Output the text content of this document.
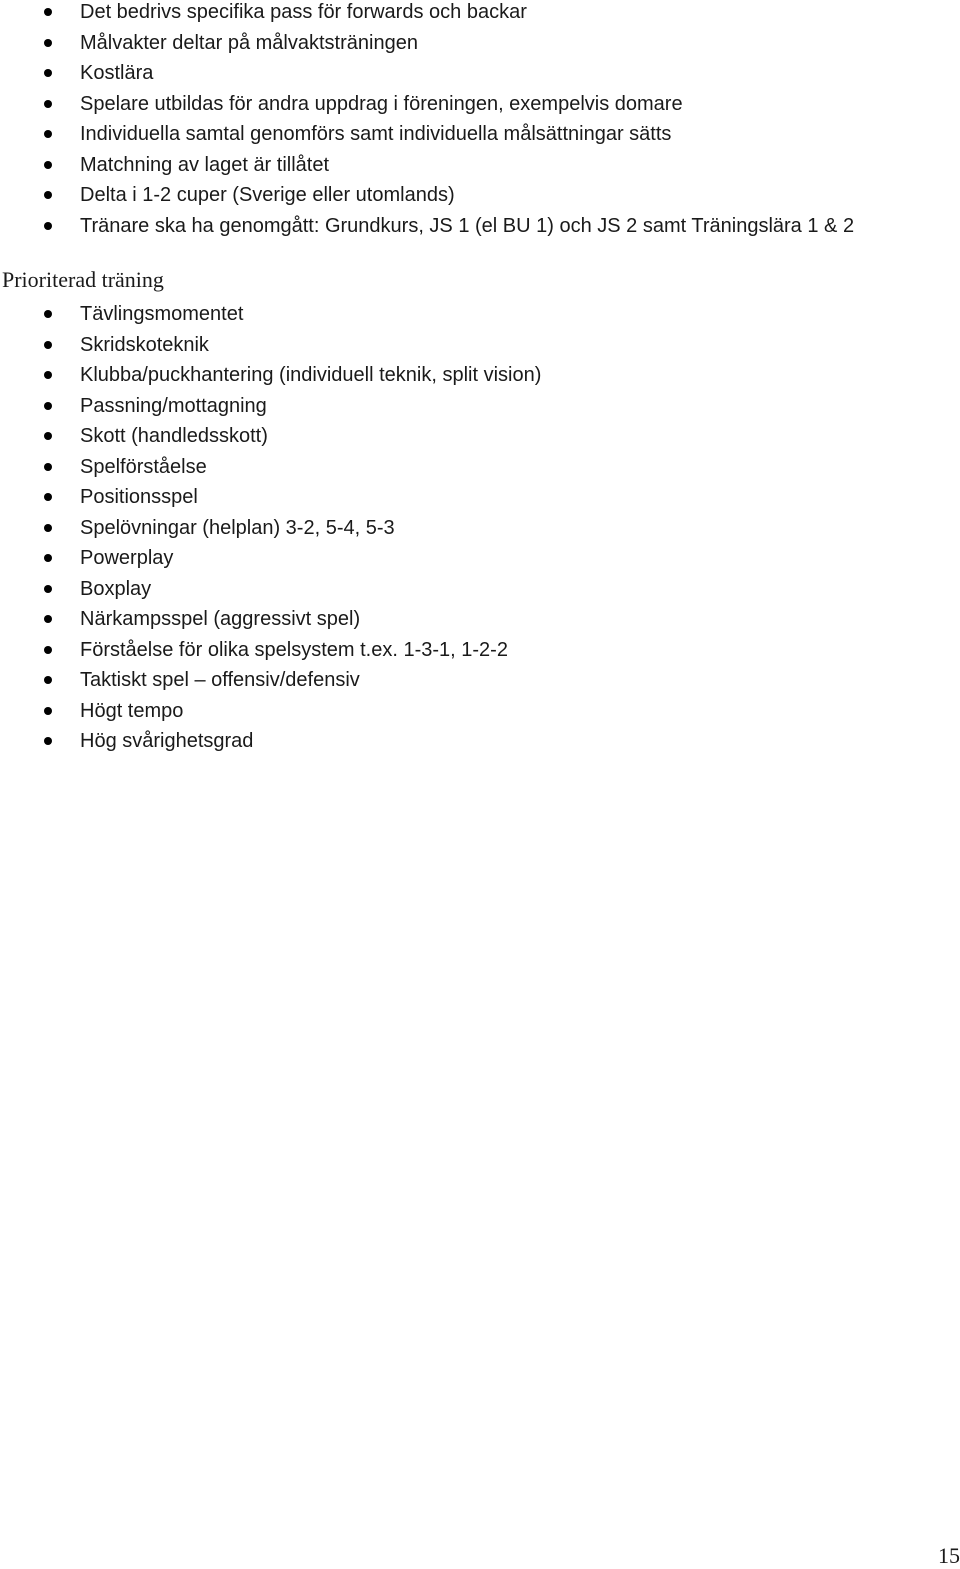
Det bedrivs specifika pass för forwards och backar
Målvakter deltar på målvaktsträningen
Kostlära
Spelare utbildas för andra uppdrag i föreningen, exempelvis domare
Individuella samtal genomförs samt individuella målsättningar sätts
Matchning av laget är tillåtet
Delta i 1-2 cuper (Sverige eller utomlands)
Tränare ska ha genomgått: Grundkurs, JS 1 (el BU 1) och JS 2 samt Träningslära 1 & 2
Prioriterad träning
Tävlingsmomentet
Skridskoteknik
Klubba/puckhantering (individuell teknik, split vision)
Passning/mottagning
Skott (handledsskott)
Spelförståelse
Positionsspel
Spelövningar (helplan) 3-2, 5-4, 5-3
Powerplay
Boxplay
Närkampsspel (aggressivt spel)
Förståelse för olika spelsystem t.ex. 1-3-1, 1-2-2
Taktiskt spel – offensiv/defensiv
Högt tempo
Hög svårighetsgrad
15
